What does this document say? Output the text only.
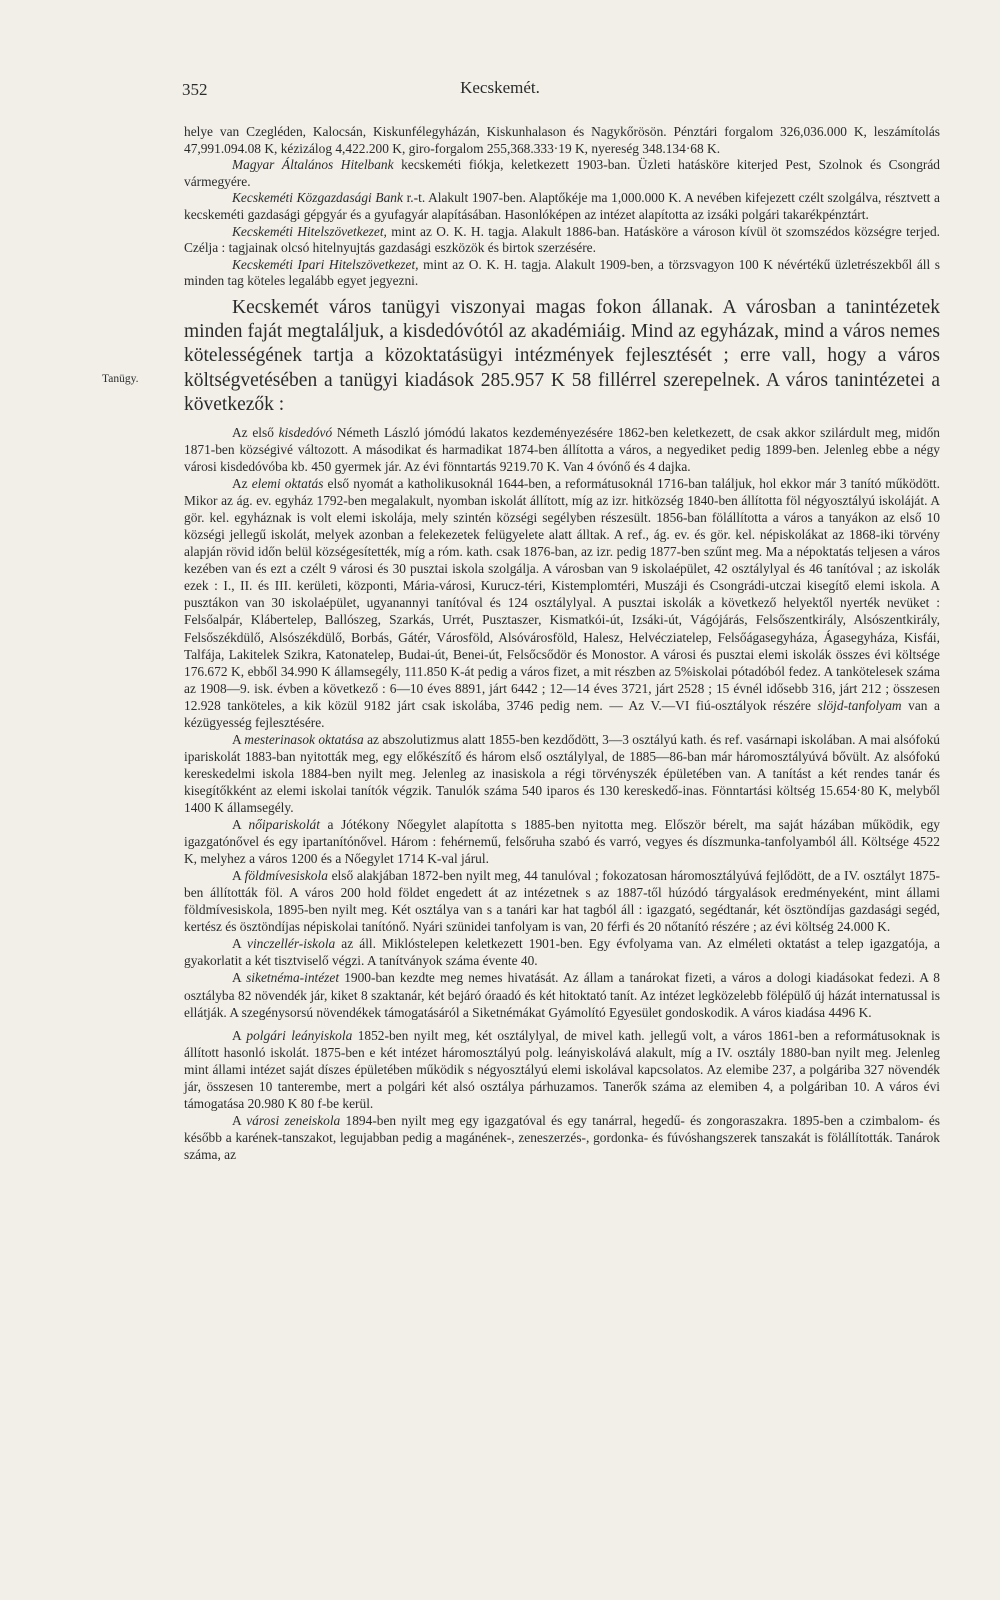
352	Kecskemét.
Tanügy.

helye van Czegléden, Kalocsán, Kiskunfélegyházán, Kiskunhalason és Nagykőrösön. Pénztári forgalom 326,036.000 K, leszámítolás 47,991.094.08 K, kézizálog 4,422.200 K, giro-forgalom 255,368.333·19 K, nyereség 348.134·68 K.

Magyar Általános Hitelbank kecskeméti fiókja, keletkezett 1903-ban. Üzleti hatásköre kiterjed Pest, Szolnok és Csongrád vármegyére.

Kecskeméti Közgazdasági Bank r.-t. Alakult 1907-ben. Alaptőkéje ma 1,000.000 K. A nevében kifejezett czélt szolgálva, résztvett a kecskeméti gazdasági gépgyár és a gyufagyár alapításában. Hasonlóképen az intézet alapította az izsáki polgári takarékpénztárt.

Kecskeméti Hitelszövetkezet, mint az O. K. H. tagja. Alakult 1886-ban. Hatásköre a városon kívül öt szomszédos községre terjed. Czélja : tagjainak olcsó hitelnyujtás gazdasági eszközök és birtok szerzésére.

Kecskeméti Ipari Hitelszövetkezet, mint az O. K. H. tagja. Alakult 1909-ben, a törzsvagyon 100 K névértékű üzletrészekből áll s minden tag köteles legalább egyet jegyezni.

Kecskemét város tanügyi viszonyai magas fokon állanak. A városban a tanintézetek minden faját megtaláljuk, a kisdedóvótól az akadémiáig. Mind az egyházak, mind a város nemes kötelességének tartja a közoktatásügyi intézmények fejlesztését ; erre vall, hogy a város költségvetésében a tanügyi kiadások 285.957 K 58 fillérrel szerepelnek. A város tanintézetei a következők :

Az első kisdedóvó Németh László jómódú lakatos kezdeményezésére 1862-ben keletkezett, de csak akkor szilárdult meg, midőn 1871-ben községivé változott. A másodikat és harmadikat 1874-ben állította a város, a negyediket pedig 1899-ben. Jelenleg ebbe a négy városi kisdedóvóba kb. 450 gyermek jár. Az évi fönntartás 9219.70 K. Van 4 óvónő és 4 dajka.

Az elemi oktatás első nyomát a katholikusoknál 1644-ben, a reformátusoknál 1716-ban találjuk, hol ekkor már 3 tanító működött. Mikor az ág. ev. egyház 1792-ben megalakult, nyomban iskolát állított, míg az izr. hitközség 1840-ben állította föl négyosztályú iskoláját. A gör. kel. egyháznak is volt elemi iskolája, mely szintén községi segélyben részesült. 1856-ban fölállította a város a tanyákon az első 10 községi jellegű iskolát, melyek azonban a felekezetek felügyelete alatt álltak. A ref., ág. ev. és gör. kel. népiskolákat az 1868-iki törvény alapján rövid időn belül községesítették, míg a róm. kath. csak 1876-ban, az izr. pedig 1877-ben szűnt meg. Ma a népoktatás teljesen a város kezében van és ezt a czélt 9 városi és 30 pusztai iskola szolgálja. A városban van 9 iskolaépület, 42 osztálylyal és 46 tanítóval ; az iskolák ezek : I., II. és III. kerületi, központi, Mária-városi, Kurucz-téri, Kistemplomtéri, Muszáji és Csongrádi-utczai kisegítő elemi iskola. A pusztákon van 30 iskolaépület, ugyanannyi tanítóval és 124 osztálylyal. A pusztai iskolák a következő helyektől nyerték nevüket : Felsőalpár, Klábertelep, Ballószeg, Szarkás, Urrét, Pusztaszer, Kismatkói-út, Izsáki-út, Vágójárás, Felsőszentkirály, Alsószentkirály, Felsőszékdülő, Alsószékdülő, Borbás, Gátér, Városföld, Alsóvárosföld, Halesz, Helvécziatelep, Felsőágasegyháza, Ágasegyháza, Kisfái, Talfája, Lakitelek Szikra, Katonatelep, Budai-út, Benei-út, Felsőcsődör és Monostor. A városi és pusztai elemi iskolák összes évi költsége 176.672 K, ebből 34.990 K államsegély, 111.850 K-át pedig a város fizet, a mit részben az 5%iskolai pótadóból fedez. A tankötelesek száma az 1908—9. isk. évben a következő : 6—10 éves 8891, járt 6442 ; 12—14 éves 3721, járt 2528 ; 15 évnél idősebb 316, járt 212 ; összesen 12.928 tanköteles, a kik közül 9182 járt csak iskolába, 3746 pedig nem. — Az V.—VI fiú-osztályok részére slöjd-tanfolyam van a kézügyesség fejlesztésére.

A mesterinasok oktatása az abszolutizmus alatt 1855-ben kezdődött, 3—3 osztályú kath. és ref. vasárnapi iskolában. A mai alsófokú ipariskolát 1883-ban nyitották meg, egy előkészítő és három első osztálylyal, de 1885—86-ban már háromosztályúvá bővült. Az alsófokú kereskedelmi iskola 1884-ben nyilt meg. Jelenleg az inasiskola a régi törvényszék épületében van. A tanítást a két rendes tanár és kisegítőkként az elemi iskolai tanítók végzik. Tanulók száma 540 iparos és 130 kereskedő-inas. Fönntartási költség 15.654·80 K, melyből 1400 K államsegély.

A nőipariskolát a Jótékony Nőegylet alapította s 1885-ben nyitotta meg. Először bérelt, ma saját házában működik, egy igazgatónővel és egy ipartanítónővel. Három : fehérnemű, felsőruha szabó és varró, vegyes és díszmunka-tanfolyamból áll. Költsége 4522 K, melyhez a város 1200 és a Nőegylet 1714 K-val járul.

A földmívesiskola első alakjában 1872-ben nyilt meg, 44 tanulóval ; fokozatosan háromosztályúvá fejlődött, de a IV. osztályt 1875-ben állították föl. A város 200 hold földet engedett át az intézetnek s az 1887-től húzódó tárgyalások eredményeként, mint állami földmívesiskola, 1895-ben nyilt meg. Két osztálya van s a tanári kar hat tagból áll : igazgató, segédtanár, két ösztöndíjas gazdasági segéd, kertész és ösztöndíjas népiskolai tanítónő. Nyári szünidei tanfolyam is van, 20 férfi és 20 nőtanító részére ; az évi költség 24.000 K.

A vinczellér-iskola az áll. Miklóstelepen keletkezett 1901-ben. Egy évfolyama van. Az elméleti oktatást a telep igazgatója, a gyakorlatit a két tisztviselő végzi. A tanítványok száma évente 40.

A siketnéma-intézet 1900-ban kezdte meg nemes hivatását. Az állam a tanárokat fizeti, a város a dologi kiadásokat fedezi. A 8 osztályba 82 növendék jár, kiket 8 szaktanár, két bejáró óraadó és két hitoktató tanít. Az intézet legközelebb fölépülő új házát internatussal is ellátják. A szegénysorsú növendékek támogatásáról a Siketnémákat Gyámolító Egyesület gondoskodik. A város kiadása 4496 K.

A polgári leányiskola 1852-ben nyilt meg, két osztálylyal, de mivel kath. jellegű volt, a város 1861-ben a reformátusoknak is állított hasonló iskolát. 1875-ben e két intézet háromosztályú polg. leányiskolává alakult, míg a IV. osztály 1880-ban nyilt meg. Jelenleg mint állami intézet saját díszes épületében működik s négyosztályú elemi iskolával kapcsolatos. Az elemibe 237, a polgáriba 327 növendék jár, összesen 10 tanterembe, mert a polgári két alsó osztálya párhuzamos. Tanerők száma az elemiben 4, a polgáriban 10. A város évi támogatása 20.980 K 80 f-be kerül.

A városi zeneiskola 1894-ben nyilt meg egy igazgatóval és egy tanárral, hegedű- és zongoraszakra. 1895-ben a czimbalom- és később a karének-tanszakot, legujabban pedig a magánének-, zeneszerzés-, gordonka- és fúvóshangszerek tanszakát is fölállították. Tanárok száma, az
